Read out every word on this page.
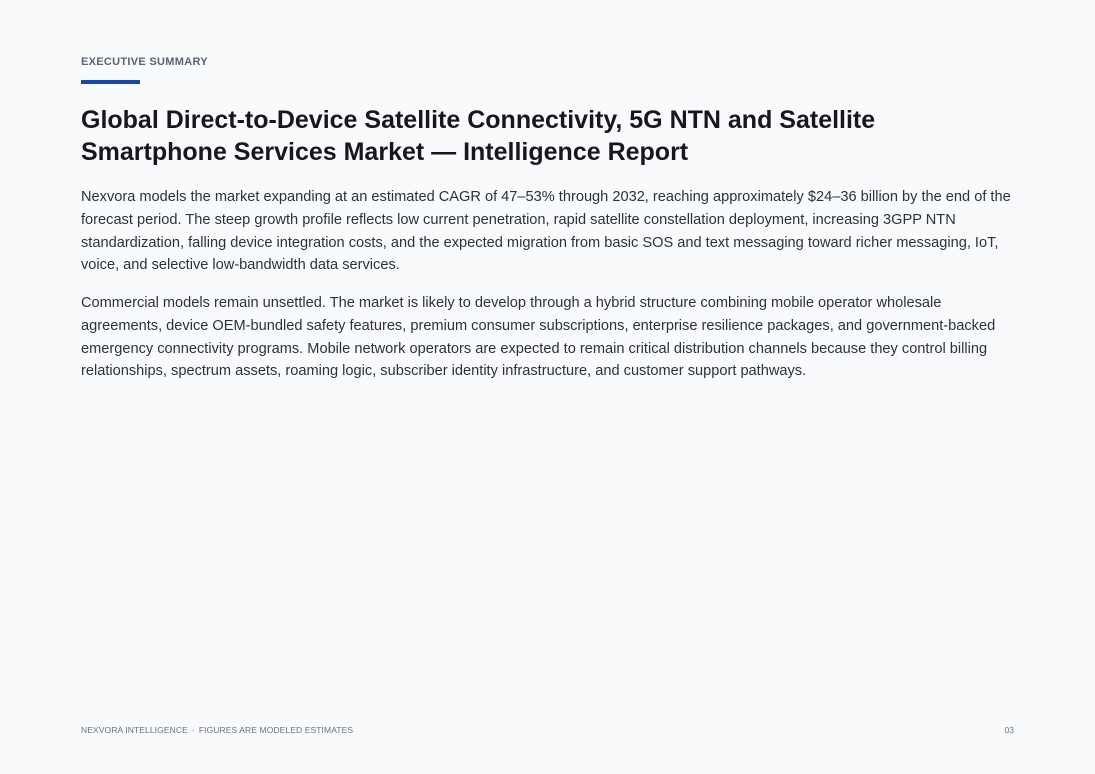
EXECUTIVE SUMMARY
Global Direct-to-Device Satellite Connectivity, 5G NTN and Satellite Smartphone Services Market — Intelligence Report

Nexvora models the market expanding at an estimated CAGR of 47–53% through 2032, reaching approximately $24–36 billion by the end of the forecast period. The steep growth profile reflects low current penetration, rapid satellite constellation deployment, increasing 3GPP NTN standardization, falling device integration costs, and the expected migration from basic SOS and text messaging toward richer messaging, IoT, voice, and selective low-bandwidth data services.

Commercial models remain unsettled. The market is likely to develop through a hybrid structure combining mobile operator wholesale agreements, device OEM-bundled safety features, premium consumer subscriptions, enterprise resilience packages, and government-backed emergency connectivity programs. Mobile network operators are expected to remain critical distribution channels because they control billing relationships, spectrum assets, roaming logic, subscriber identity infrastructure, and customer support pathways.

NEXVORA INTELLIGENCE · FIGURES ARE MODELED ESTIMATES	03
